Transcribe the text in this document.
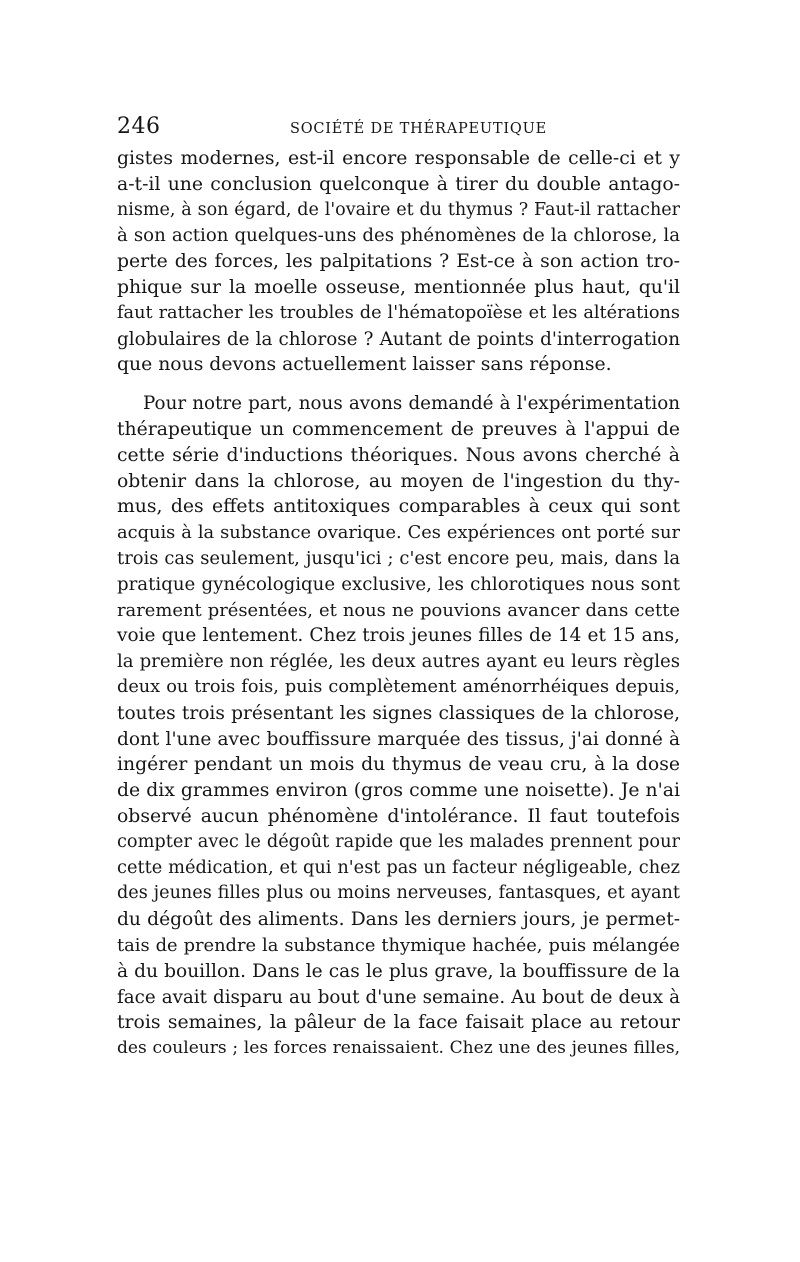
246	SOCIÉTÉ DE THÉRAPEUTIQUE
gistes modernes, est-il encore responsable de celle-ci et y
a-t-il une conclusion quelconque à tirer du double antago-
nisme, à son égard, de l'ovaire et du thymus ? Faut-il rattacher
à son action quelques-uns des phénomènes de la chlorose, la
perte des forces, les palpitations ? Est-ce à son action tro-
phique sur la moelle osseuse, mentionnée plus haut, qu'il
faut rattacher les troubles de l'hématopoïèse et les altérations
globulaires de la chlorose ? Autant de points d'interrogation
que nous devons actuellement laisser sans réponse.
Pour notre part, nous avons demandé à l'expérimentation
thérapeutique un commencement de preuves à l'appui de
cette série d'inductions théoriques. Nous avons cherché à
obtenir dans la chlorose, au moyen de l'ingestion du thy-
mus, des effets antitoxiques comparables à ceux qui sont
acquis à la substance ovarique. Ces expériences ont porté sur
trois cas seulement, jusqu'ici ; c'est encore peu, mais, dans la
pratique gynécologique exclusive, les chlorotiques nous sont
rarement présentées, et nous ne pouvions avancer dans cette
voie que lentement. Chez trois jeunes filles de 14 et 15 ans,
la première non réglée, les deux autres ayant eu leurs règles
deux ou trois fois, puis complètement aménorrhéiques depuis,
toutes trois présentant les signes classiques de la chlorose,
dont l'une avec bouffissure marquée des tissus, j'ai donné à
ingérer pendant un mois du thymus de veau cru, à la dose
de dix grammes environ (gros comme une noisette). Je n'ai
observé aucun phénomène d'intolérance. Il faut toutefois
compter avec le dégoût rapide que les malades prennent pour
cette médication, et qui n'est pas un facteur négligeable, chez
des jeunes filles plus ou moins nerveuses, fantasques, et ayant
du dégoût des aliments. Dans les derniers jours, je permet-
tais de prendre la substance thymique hachée, puis mélangée
à du bouillon. Dans le cas le plus grave, la bouffissure de la
face avait disparu au bout d'une semaine. Au bout de deux à
trois semaines, la pâleur de la face faisait place au retour
des couleurs ; les forces renaissaient. Chez une des jeunes filles,
